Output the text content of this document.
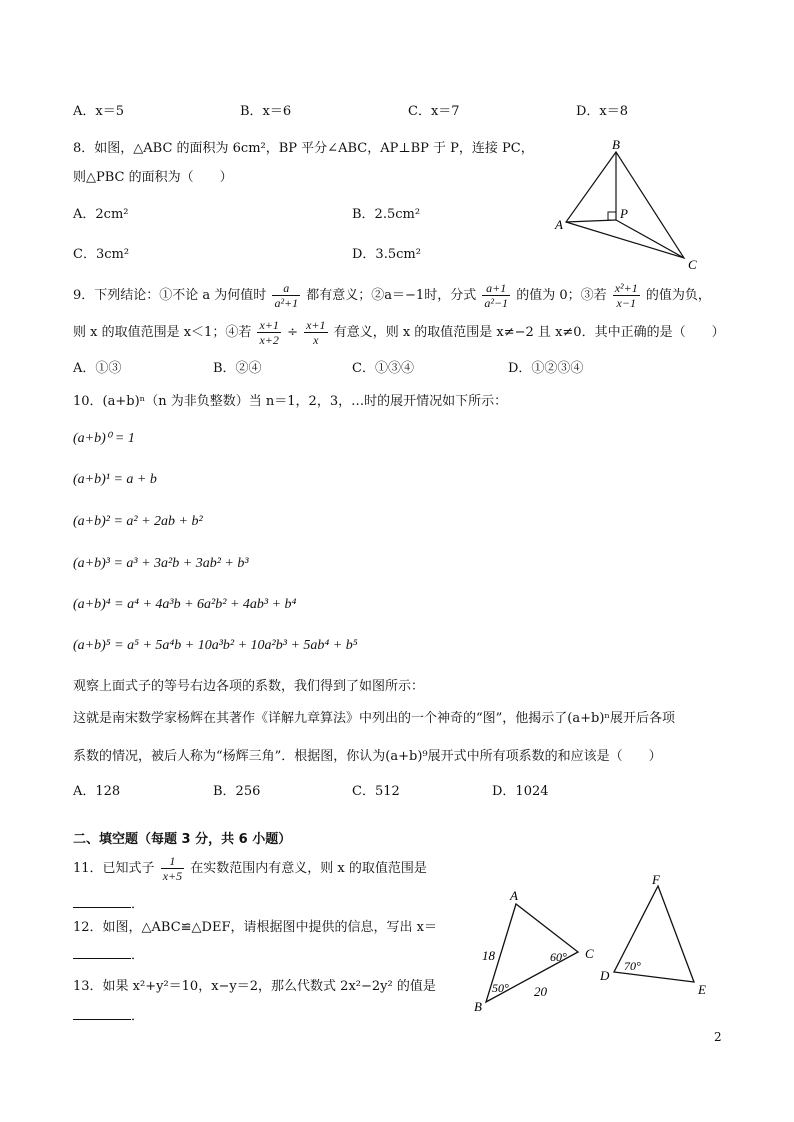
A．x＝5	B．x＝6	C．x＝7	D．x＝8
8．如图，△ABC 的面积为 6cm²，BP 平分∠ABC，AP⊥BP 于 P，连接 PC，
则△PBC 的面积为（　　）
A．2cm²	B．2.5cm²
C．3cm²	D．3.5cm²
B
P
A
C
9．下列结论：①不论 a 为何值时 $\frac{a}{\text{a²+1}}$ 都有意义；②a＝−1时，分式 $\frac{a+1}{\text{a²−1}}$ 的值为 0；③若 $\frac{\text{x²+1}}{x-1}$ 的值为负，
则 x 的取值范围是 x＜1；④若 $\frac{x+1}{x+2} \div \frac{x+1}{x}$ 有意义，则 x 的取值范围是 x≠−2 且 x≠0．其中正确的是（　　）
A．①③	B．②④	C．①③④	D．①②③④
10．(a+b)ⁿ（n 为非负整数）当 n＝1，2，3，…时的展开情况如下所示：
(a+b)⁰ = 1
(a+b)¹ = a + b
(a+b)² = a² + 2ab + b²
(a+b)³ = a³ + 3a²b + 3ab² + b³
(a+b)⁴ = a⁴ + 4a³b + 6a²b² + 4ab³ + b⁴
(a+b)⁵ = a⁵ + 5a⁴b + 10a³b² + 10a²b³ + 5ab⁴ + b⁵
观察上面式子的等号右边各项的系数，我们得到了如图所示：
这就是南宋数学家杨辉在其著作《详解九章算法》中列出的一个神奇的“图”，他揭示了(a+b)ⁿ展开后各项
系数的情况，被后人称为“杨辉三角”．根据图，你认为(a+b)⁹展开式中所有项系数的和应该是（　　）
A．128	B．256	C．512	D．1024
二、填空题（每题 3 分，共 6 小题）
11．已知式子 $\frac{1}{x+5}$ 在实数范围内有意义，则 x 的取值范围是
．
12．如图，△ABC≌△DEF，请根据图中提供的信息，写出 x＝
．
13．如果 x²+y²＝10，x−y＝2，那么代数式 2x²−2y² 的值是
．
A
B
C
18
20
50°
60°
F
D
E
70°
2
